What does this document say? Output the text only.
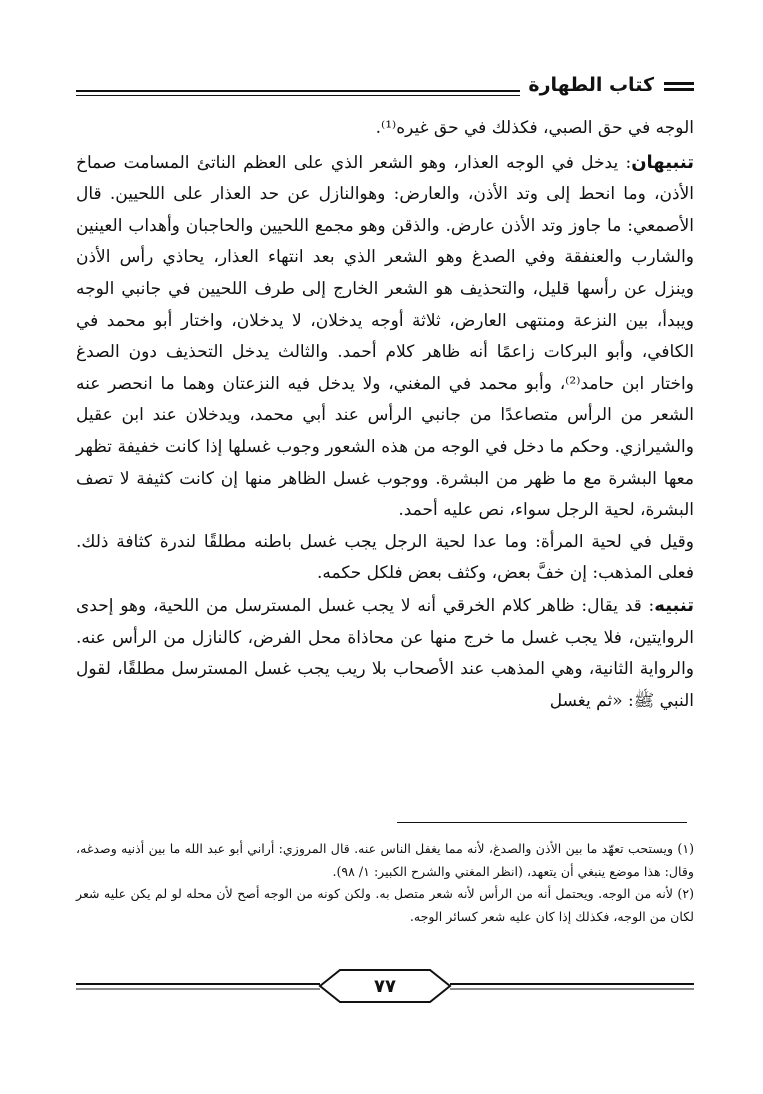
كتاب الطهارة

الوجه في حق الصبي، فكذلك في حق غيره⁽¹⁾.

تنبيهان: يدخل في الوجه العذار، وهو الشعر الذي على العظم الناتئ المسامت صماخ الأذن، وما انحط إلى وتد الأذن، والعارض: وهوالنازل عن حد العذار على اللحيين. قال الأصمعي: ما جاوز وتد الأذن عارض. والذقن وهو مجمع اللحيين والحاجبان وأهداب العينين والشارب والعنفقة وفي الصدغ وهو الشعر الذي بعد انتهاء العذار، يحاذي رأس الأذن وينزل عن رأسها قليل، والتحذيف هو الشعر الخارج إلى طرف اللحيين في جانبي الوجه ويبدأ، بين النزعة ومنتهى العارض، ثلاثة أوجه يدخلان، لا يدخلان، واختار أبو محمد في الكافي، وأبو البركات زاعمًا أنه ظاهر كلام أحمد. والثالث يدخل التحذيف دون الصدغ واختار ابن حامد⁽²⁾، وأبو محمد في المغني، ولا يدخل فيه النزعتان وهما ما انحصر عنه الشعر من الرأس متصاعدًا من جانبي الرأس عند أبي محمد، ويدخلان عند ابن عقيل والشيرازي. وحكم ما دخل في الوجه من هذه الشعور وجوب غسلها إذا كانت خفيفة تظهر معها البشرة مع ما ظهر من البشرة. ووجوب غسل الظاهر منها إن كانت كثيفة لا تصف البشرة، لحية الرجل سواء، نص عليه أحمد.

وقيل في لحية المرأة: وما عدا لحية الرجل يجب غسل باطنه مطلقًا لندرة كثافة ذلك. فعلى المذهب: إن خفَّ بعض، وكثف بعض فلكل حكمه.

تنبيه: قد يقال: ظاهر كلام الخرقي أنه لا يجب غسل المسترسل من اللحية، وهو إحدى الروايتين، فلا يجب غسل ما خرج منها عن محاذاة محل الفرض، كالنازل من الرأس عنه. والرواية الثانية، وهي المذهب عند الأصحاب بلا ريب يجب غسل المسترسل مطلقًا، لقول النبي ﷺ: «ثم يغسل

(١) ويستحب تعهّد ما بين الأذن والصدغ، لأنه مما يغفل الناس عنه. قال المروزي: أراني أبو عبد الله ما بين أذنيه وصدغه، وقال: هذا موضع ينبغي أن يتعهد، (انظر المغني والشرح الكبير: ١/ ٩٨).

(٢) لأنه من الوجه. ويحتمل أنه من الرأس لأنه شعر متصل به. ولكن كونه من الوجه أصح لأن محله لو لم يكن عليه شعر لكان من الوجه، فكذلك إذا كان عليه شعر كسائر الوجه.

٧٧
